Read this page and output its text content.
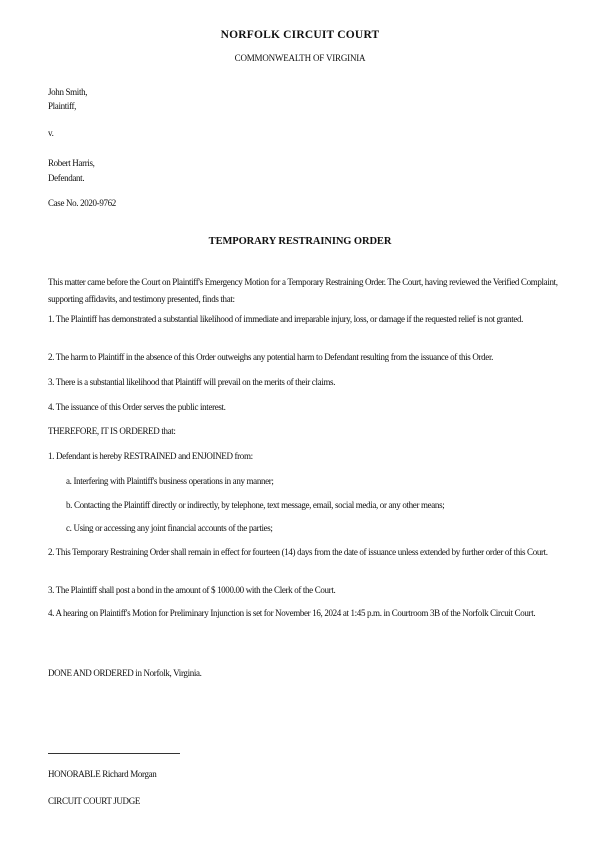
NORFOLK CIRCUIT COURT

COMMONWEALTH OF VIRGINIA

John Smith,

Plaintiff,

v.

Robert Harris,

Defendant.

Case No. 2020-9762

TEMPORARY RESTRAINING ORDER

This matter came before the Court on Plaintiff's Emergency Motion for a Temporary Restraining Order. The Court, having reviewed the Verified Complaint, supporting affidavits, and testimony presented, finds that:

1. The Plaintiff has demonstrated a substantial likelihood of immediate and irreparable injury, loss, or damage if the requested relief is not granted.

2. The harm to Plaintiff in the absence of this Order outweighs any potential harm to Defendant resulting from the issuance of this Order.

3. There is a substantial likelihood that Plaintiff will prevail on the merits of their claims.

4. The issuance of this Order serves the public interest.

THEREFORE, IT IS ORDERED that:

1. Defendant is hereby RESTRAINED and ENJOINED from:

a. Interfering with Plaintiff's business operations in any manner;

b. Contacting the Plaintiff directly or indirectly, by telephone, text message, email, social media, or any other means;

c. Using or accessing any joint financial accounts of the parties;

2. This Temporary Restraining Order shall remain in effect for fourteen (14) days from the date of issuance unless extended by further order of this Court.

3. The Plaintiff shall post a bond in the amount of $ 1000.00 with the Clerk of the Court.

4. A hearing on Plaintiff's Motion for Preliminary Injunction is set for November 16, 2024 at 1:45 p.m. in Courtroom 3B of the Norfolk Circuit Court.

DONE AND ORDERED in Norfolk, Virginia.

HONORABLE Richard Morgan

CIRCUIT COURT JUDGE
